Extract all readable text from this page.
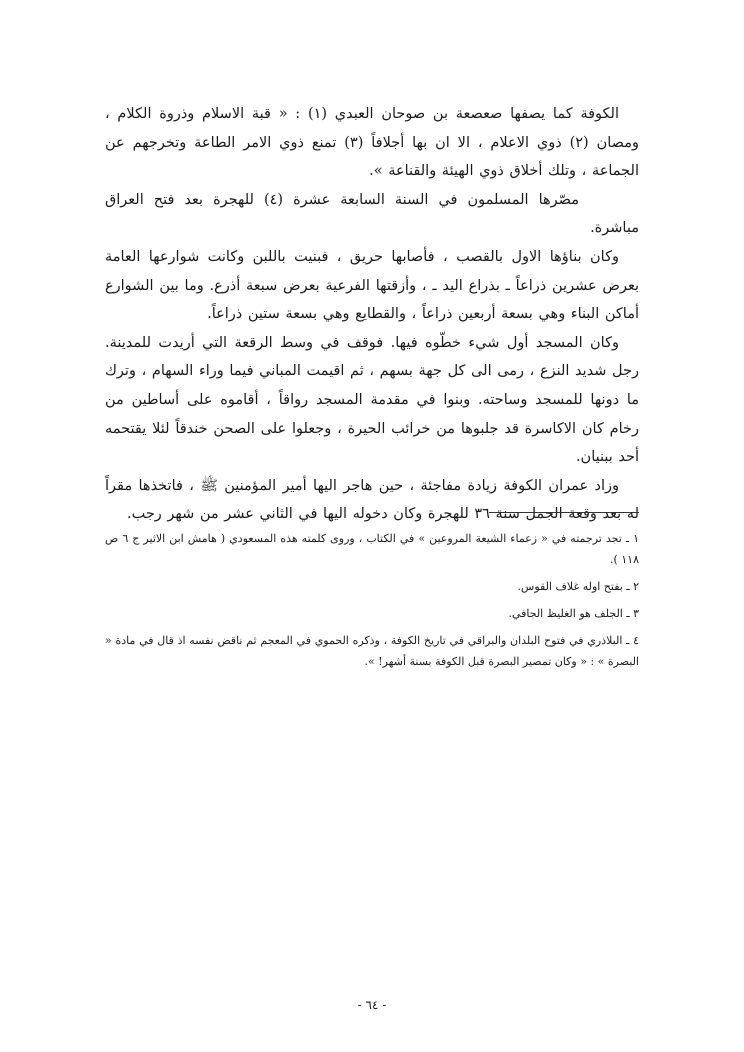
الكوفة كما يصفها صعصعة بن صوحان العبدي (١) : « قبة الاسلام وذروة الكلام ، ومصان (٢) ذوي الاعلام ، الا ان بها أجلافاً (٣) تمنع ذوي الامر الطاعة وتخرجهم عن الجماعة ، وتلك أخلاق ذوي الهيئة والقناعة ».

مصّرها المسلمون في السنة السابعة عشرة (٤) للهجرة بعد فتح العراق مباشرة.

وكان بناؤها الاول بالقصب ، فأصابها حريق ، فبنيت باللبن وكانت شوارعها العامة بعرض عشرين ذراعاً ـ بذراع اليد ـ ، وأزقتها الفرعية بعرض سبعة أذرع. وما بين الشوارع أماكن البناء وهي بسعة أربعين ذراعاً ، والقطايع وهي بسعة ستين ذراعاً.

وكان المسجد أول شيء خطّوه فيها. فوقف في وسط الرقعة التي أريدت للمدينة. رجل شديد النزع ، رمى الى كل جهة بسهم ، ثم اقيمت المباني فيما وراء السهام ، وترك ما دونها للمسجد وساحته. وبنوا في مقدمة المسجد رواقاً ، أقاموه على أساطين من رخام كان الاكاسرة قد جلبوها من خرائب الحيرة ، وجعلوا على الصحن خندقاً لئلا يقتحمه أحد ببنيان.

وزاد عمران الكوفة زيادة مفاجئة ، حين هاجر اليها أمير المؤمنين ﷺ ، فاتخذها مقراً له بعد وقعة الجمل سنة ٣٦ للهجرة وكان دخوله اليها في الثاني عشر من شهر رجب.

١ ـ تجد ترجمته في « زعماء الشيعة المروعين » في الكتاب ، وروى كلمته هذه المسعودي ( هامش ابن الاثير ج ٦ ص ١١٨ ).

٢ ـ بفتح اوله غلاف القوس.

٣ ـ الجلف هو الغليظ الجافي.

٤ ـ البلاذري في فتوح البلدان والبراقي في تاريخ الكوفة ، وذكره الحموي في المعجم ثم ناقض نفسه اذ قال في مادة « البصرة » : « وكان تمصير البصرة قبل الكوفة بسنة أشهر! ».

- ٦٤ -
